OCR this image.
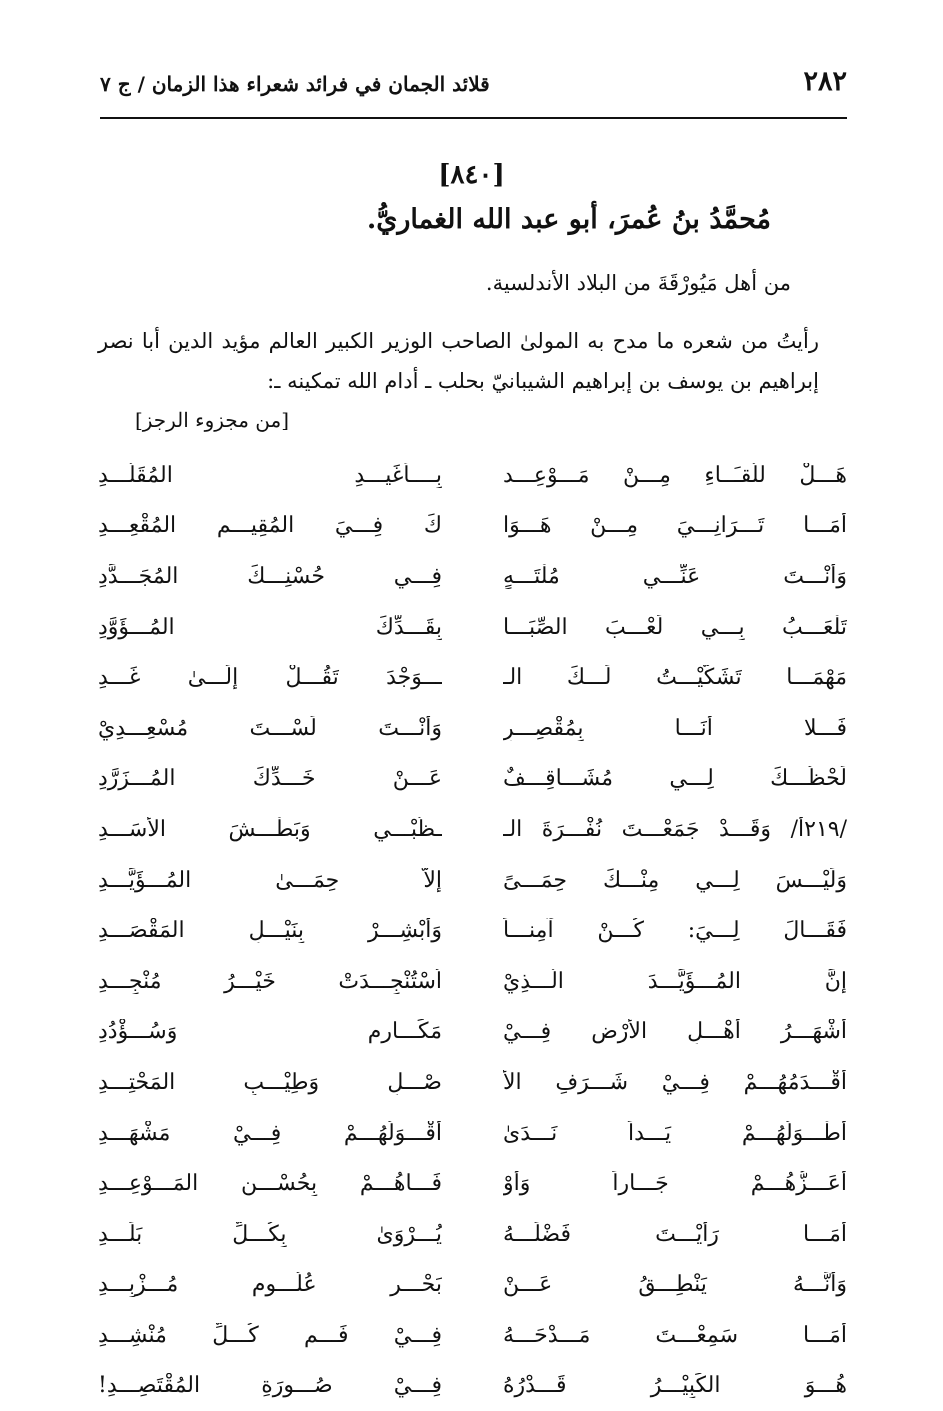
٢٨٢
قلائد الجمان في فرائد شعراء هذا الزمان / ج ٧
[٨٤٠]
مُحمَّدُ بنُ عُمرَ، أبو عبد الله الغماريُّ.
من أهل مَيُورْقَةَ من البلاد الأندلسية.
رأيتُ من شعره ما مدح به المولىٰ الصاحب الوزير الكبير العالم مؤيد الدين أبا نصر إبراهيم بن يوسف بن إبراهيم الشيبانيّ بحلب ـ أدام الله تمكينه ـ:
[من مجزوء الرجز]
هَـــلْ للّقـَــاءِ مِـــنْ مَـــوْعِـــد
بِــــأُغَيـــدِ المُقَلَّـــدِ
أَمَـــا تَـــرَانِـــيَ مِـــنْ هَـــوَا
كَ فِـــيَ المُقِيـــمِ المُقْعِـــدِ
وَأَنْـــتَ عَنِّـــي مُلْتَـــهٍ
فِـــي حُسْنِـــكَ المُجَـــدَّدِ
تَلْعَـــبُ بِـــي لَعْـــبَ الصِّبَـــا
بِقَـــدِّكَ المُـــؤَوَّدِ
مَهْمَـــا تَشَكَّيْـــتُ لَـــكَ الـ
ـــوَجْدَ تَقُـــلْ إلَـــىٰ غَـــدِ
فَـــلا أَنَـــا بِمُقْصِـــرٍ
وَأَنْـــتَ لَسْـــتَ مُسْعِـــدِيْ
لَحْظُـــكَ لِـــي مُشَـــاقِـــفٌ
عَـــنْ خَـــدِّكَ المُـــزَرَّدِ
/٢١٩أ/ وَقَـــدْ جَمَعْـــتَ نُفْـــرَةَ الـ
ـظَّبْـــيِ وَبَطْـــشَ الأَسَـــدِ
وَلَيْـــسَ لِـــي مِنْـــكَ حِمَـــىً
إِلاَّ حِمَـــىٰ المُـــؤَيَّـــدِ
فَقَـــالَ لِـــيَ: كُـــنْ آمِنـــاً
وَأَبْشِـــرْ بِنَيْـــلِ المَقْصَـــدِ
إِنَّ المُـــؤَيَّـــدَ الَّـــذِيْ
اُسْتُنْجِـــدَتْ خَيْـــرُ مُنْجِـــدِ
أَشْهَـــرُ أَهْـــلِ الأَرْضِ فِـــيْ
مَكَـــارِمٍ وَسُـــؤْدُدِ
أَقْـــدَمُهُـــمْ فِـــيْ شَـــرَفِ الأَ
صْـــلِ وَطِيْـــبِ المَحْتِـــدِ
أَطْـــوَلُهُـــمْ يَـــداً نَـــدَىٰ
أَقْـــوَلُهُـــمْ فِـــيْ مَشْهَـــدِ
أَعَـــزُّهُـــمْ جَـــاراً وَأَوْ
فَـــاهُـــمْ بِحُسْـــنِ المَـــوْعِـــدِ
أَمَـــا رَأَيْـــتَ فَضْلَـــهُ
يُـــرْوَىٰ بِكُـــلِّ بَلَـــدِ
وَأَنَّـــهُ يَنْطِـــقُ عَـــنْ
بَحْـــرِ عُلُـــومٍ مُـــزْبِـــدِ
أَمَـــا سَمِعْـــتَ مَـــدْحَـــهُ
فِـــيْ فَـــمِ كُـــلِّ مُنْشِـــدِ
هُـــوَ الكَبِيْـــرُ قَـــدْرُهُ
فِـــيْ صُـــورَةِ المُقْتَصِـــدِ!
